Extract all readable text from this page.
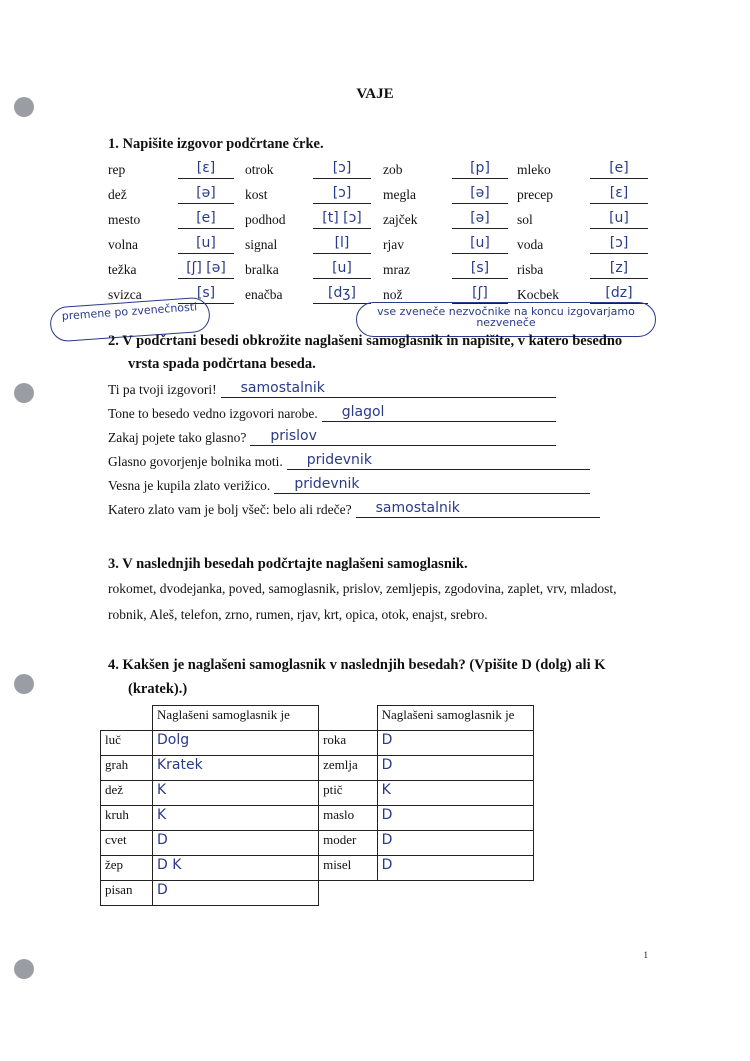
VAJE
1. Napišite izgovor podčrtane črke.
rep	[ɛ]	otrok	[ɔ]	zob	[p]	mleko	[e]
dež	[ə]	kost	[ɔ]	megla	[ə]	precep	[ɛ]
mesto	[e]	podhod	[t] [ɔ]	zajček	[ə]	sol	[u]
volna	[u]	signal	[l]	rjav	[u]	voda	[ɔ]
težka	[ʃ] [ə]	bralka	[u]	mraz	[s]	risba	[z]
svizca	[s]	enačba	[dʒ]	nož	[ʃ]	Kocbek	[dz]
premene po zvenečnosti	vse zveneče nezvočnike na koncu izgovarjamo nezveneče
2. V podčrtani besedi obkrožite naglašeni samoglasnik in napišite, v katero besedno
vrsta spada podčrtana beseda.
Ti pa tvoji izgovori! samostalnik
Tone to besedo vedno izgovori narobe. glagol
Zakaj pojete tako glasno? prislov
Glasno govorjenje bolnika moti. pridevnik
Vesna je kupila zlato verižico. pridevnik
Katero zlato vam je bolj všeč: belo ali rdeče? samostalnik
3. V naslednjih besedah podčrtajte naglašeni samoglasnik.
rokomet, dvodejanka, poved, samoglasnik, prislov, zemljepis, zgodovina, zaplet, vrv, mladost,
robnik, Aleš, telefon, zrno, rumen, rjav, krt, opica, otok, enajst, srebro.
4. Kakšen je naglašeni samoglasnik v naslednjih besedah? (Vpišite D (dolg) ali K
(kratek).)
	Naglašeni samoglasnik je		Naglašeni samoglasnik je
luč	Dolg	roka	D
grah	Kratek	zemlja	D
dež	K	ptič	K
kruh	K	maslo	D
cvet	D	moder	D
žep	D K	misel	D
pisan	D		
1
